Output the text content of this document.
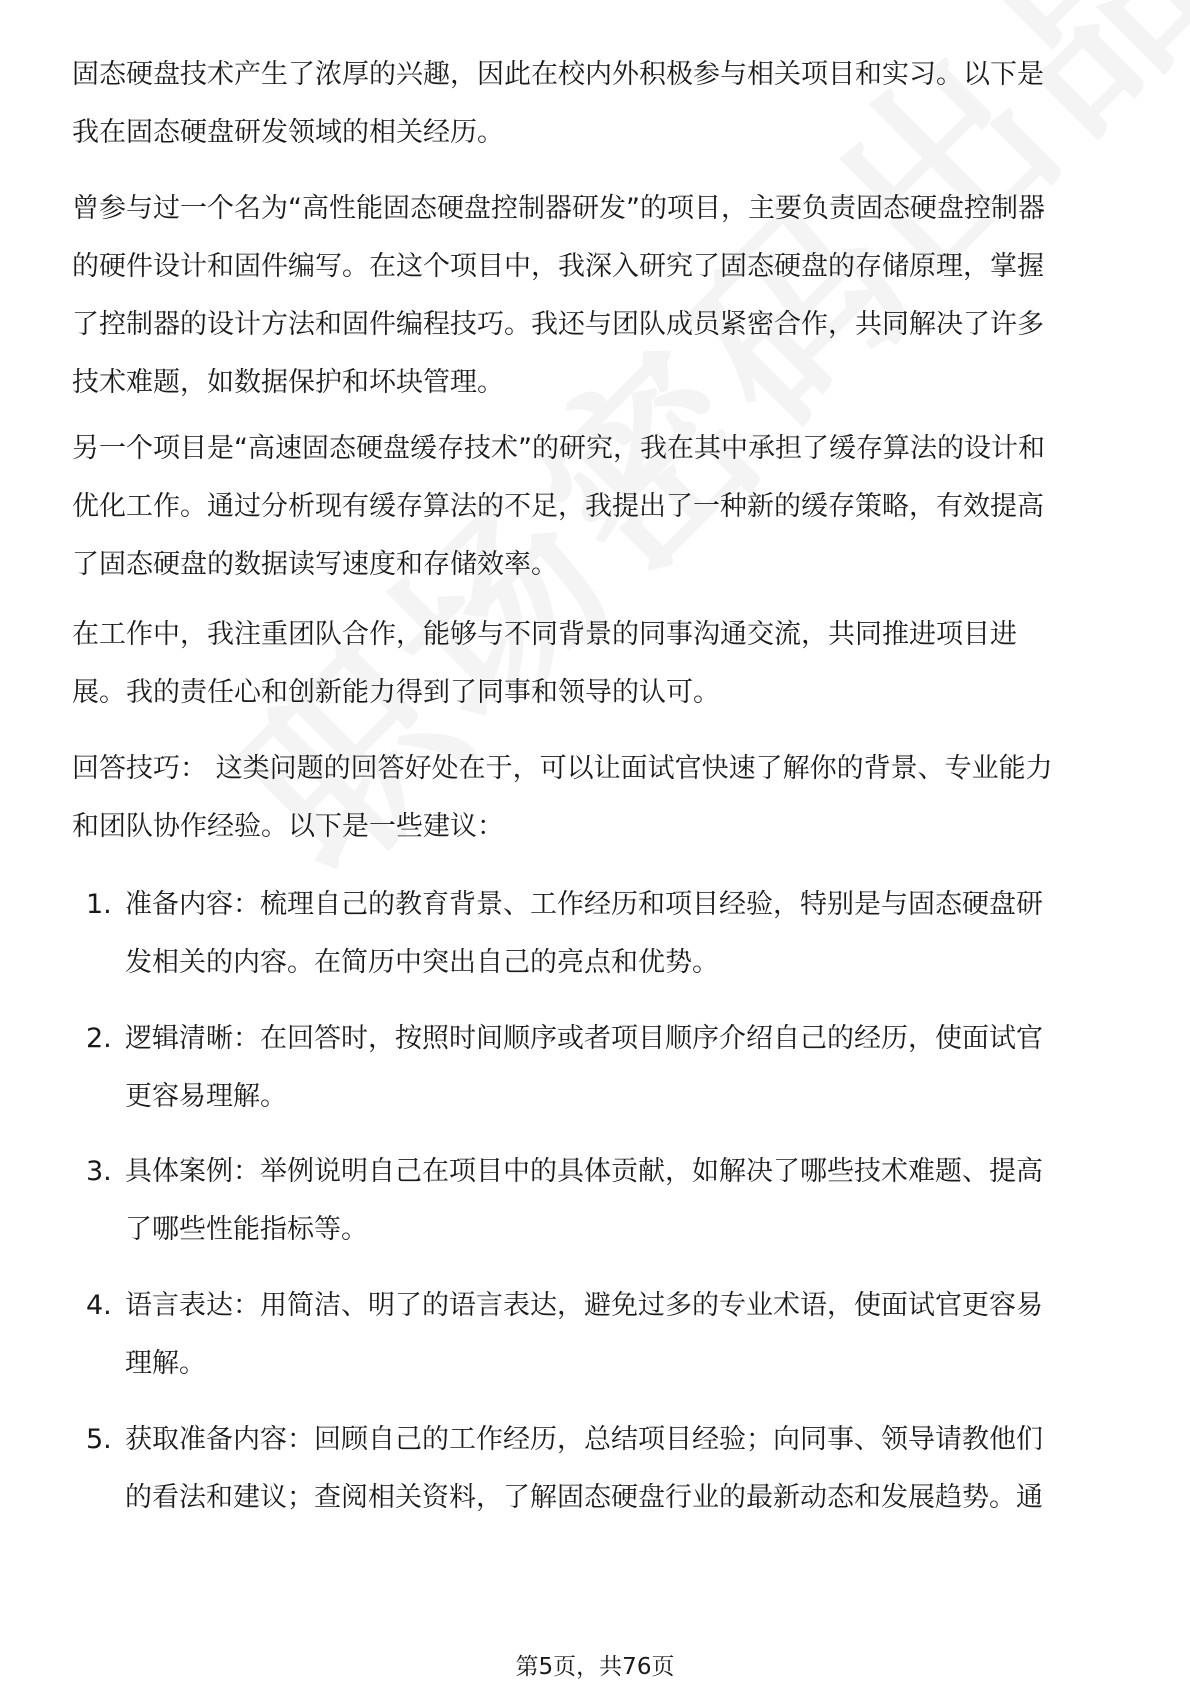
固态硬盘技术产生了浓厚的兴趣，因此在校内外积极参与相关项目和实习。以下是
我在固态硬盘研发领域的相关经历。
曾参与过一个名为“高性能固态硬盘控制器研发”的项目，主要负责固态硬盘控制器
的硬件设计和固件编写。在这个项目中，我深入研究了固态硬盘的存储原理，掌握
了控制器的设计方法和固件编程技巧。我还与团队成员紧密合作，共同解决了许多
技术难题，如数据保护和坏块管理。
另一个项目是“高速固态硬盘缓存技术”的研究，我在其中承担了缓存算法的设计和
优化工作。通过分析现有缓存算法的不足，我提出了一种新的缓存策略，有效提高
了固态硬盘的数据读写速度和存储效率。
在工作中，我注重团队合作，能够与不同背景的同事沟通交流，共同推进项目进
展。我的责任心和创新能力得到了同事和领导的认可。
回答技巧： 这类问题的回答好处在于，可以让面试官快速了解你的背景、专业能力
和团队协作经验。以下是一些建议：
1. 准备内容：梳理自己的教育背景、工作经历和项目经验，特别是与固态硬盘研
发相关的内容。在简历中突出自己的亮点和优势。
2. 逻辑清晰：在回答时，按照时间顺序或者项目顺序介绍自己的经历，使面试官
更容易理解。
3. 具体案例：举例说明自己在项目中的具体贡献，如解决了哪些技术难题、提高
了哪些性能指标等。
4. 语言表达：用简洁、明了的语言表达，避免过多的专业术语，使面试官更容易
理解。
5. 获取准备内容：回顾自己的工作经历，总结项目经验；向同事、领导请教他们
的看法和建议；查阅相关资料，了解固态硬盘行业的最新动态和发展趋势。通
第5页，共76页
